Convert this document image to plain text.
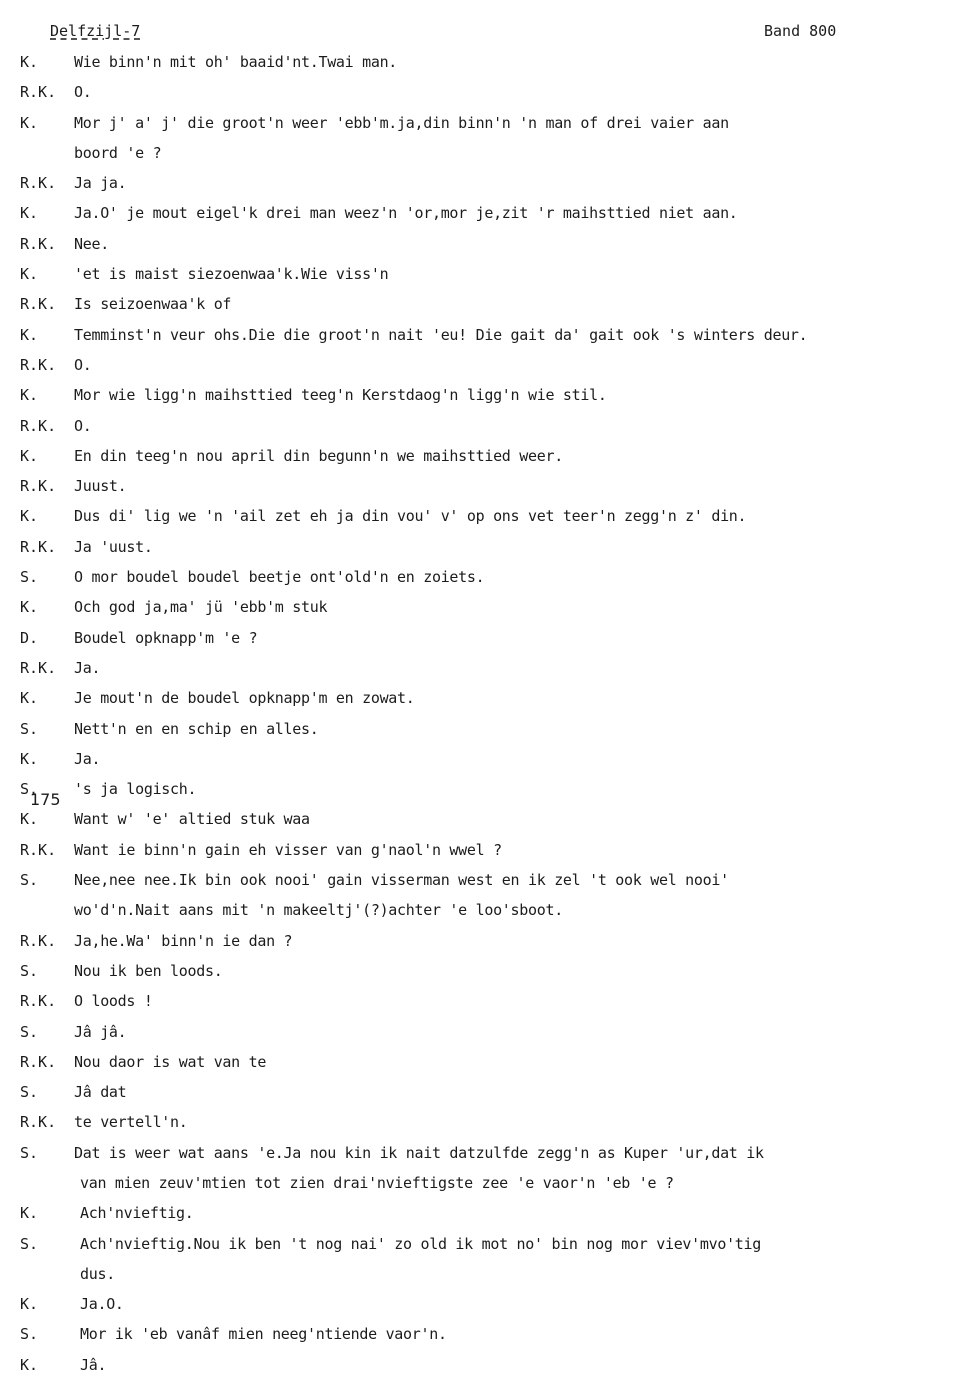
Delfzijl-7	Band 800
175
K. Wie binn'n mit oh' baaid'nt.Twai man.
R.K. O.
K. Mor j' a' j' die groot'n weer 'ebb'm.ja,din binn'n 'n man of drei vaier aan
boord 'e ?
R.K. Ja ja.
K. Ja.O' je mout eigel'k drei man weez'n 'or,mor je,zit 'r maihsttied niet aan.
R.K. Nee.
K. 'et is maist siezoenwaa'k.Wie viss'n
R.K. Is seizoenwaa'k of
K. Temminst'n veur ohs.Die die groot'n nait 'eu! Die gait da' gait ook 's winters deur.
R.K. O.
K. Mor wie ligg'n maihsttied teeg'n Kerstdaog'n ligg'n wie stil.
R.K. O.
K. En din teeg'n nou april din begunn'n we maihsttied weer.
R.K. Juust.
K. Dus di' lig we 'n 'ail zet eh ja din vou' v' op ons vet teer'n zegg'n z' din.
R.K. Ja 'uust.
S. O mor boudel boudel beetje ont'old'n en zoiets.
K. Och god ja,ma' jü 'ebb'm stuk
D. Boudel opknapp'm 'e ?
R.K. Ja.
K. Je mout'n de boudel opknapp'm en zowat.
S. Nett'n en en schip en alles.
K. Ja.
S. 's ja logisch.
K. Want w' 'e' altied stuk waa
R.K. Want ie binn'n gain eh visser van g'naol'n wwel ?
S. Nee,nee nee.Ik bin ook nooi' gain visserman west en ik zel 't ook wel nooi'
wo'd'n.Nait aans mit 'n makeeltj'(?)achter 'e loo'sboot.
R.K. Ja,he.Wa' binn'n ie dan ?
S. Nou ik ben loods.
R.K. O loods !
S. Jâ jâ.
R.K. Nou daor is wat van te
S. Jâ dat
R.K. te vertell'n.
S. Dat is weer wat aans 'e.Ja nou kin ik nait datzulfde zegg'n as Kuper 'ur,dat ik
van mien zeuv'mtien tot zien drai'nvieftigste zee 'e vaor'n 'eb 'e ?
K.	Ach'nvieftig.
S.	Ach'nvieftig.Nou ik ben 't nog nai' zo old ik mot no' bin nog mor viev'mvo'tig
dus.
K.	Ja.O.
S.	Mor ik 'eb vanâf mien neeg'ntiende vaor'n.
K.	Jâ.
